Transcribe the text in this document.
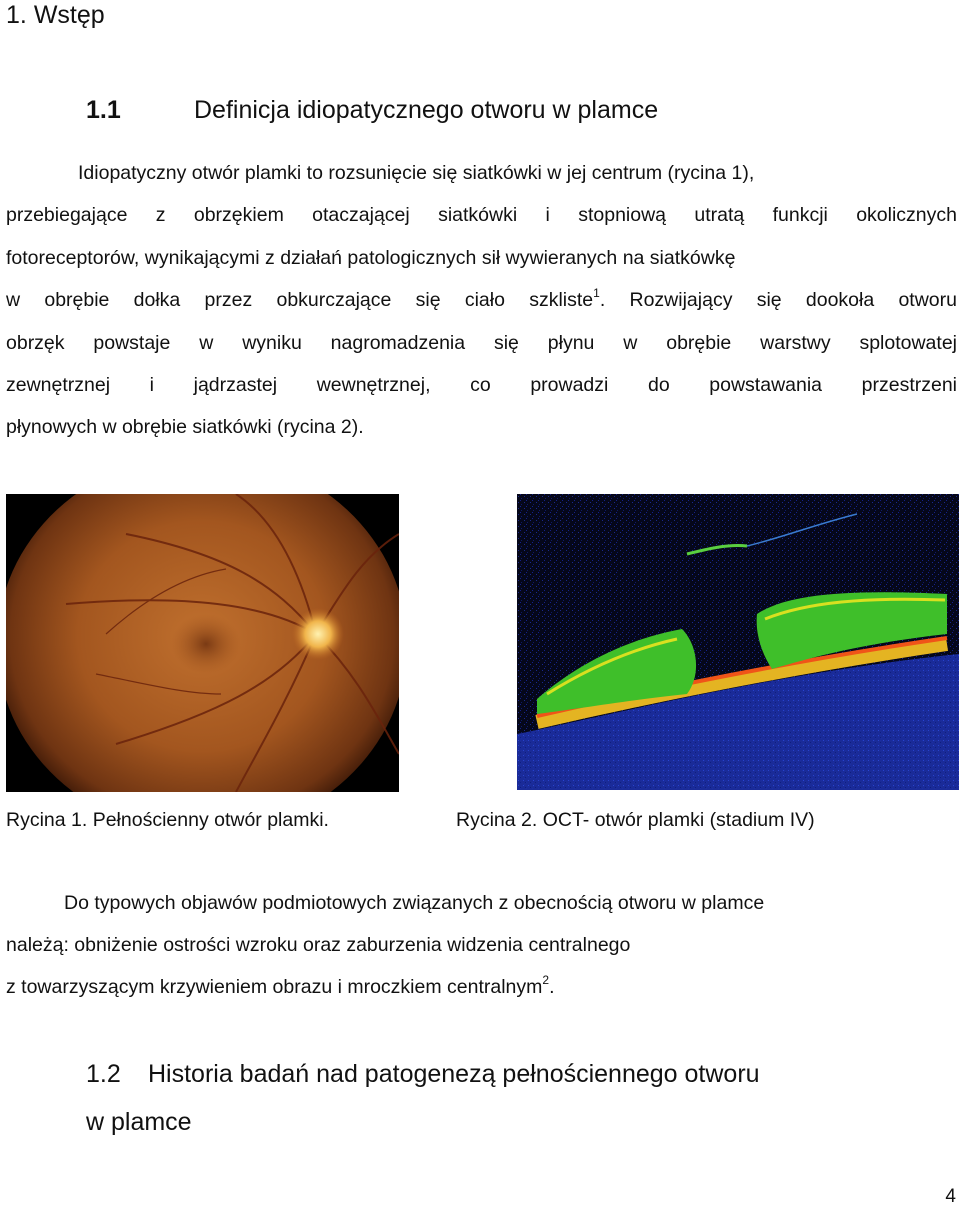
1. Wstęp
1.1	Definicja idiopatycznego otworu w plamce
Idiopatyczny otwór plamki to rozsunięcie się siatkówki w jej centrum (rycina 1),
przebiegające z obrzękiem otaczającej siatkówki i stopniową utratą funkcji okolicznych
fotoreceptorów, wynikającymi z działań patologicznych sił wywieranych na siatkówkę
w obrębie dołka przez obkurczające się ciało szkliste$^1$. Rozwijający się dookoła otworu
obrzęk powstaje w wyniku nagromadzenia się płynu w obrębie warstwy splotowatej
zewnętrznej i jądrzastej wewnętrznej, co prowadzi do powstawania przestrzeni
płynowych w obrębie siatkówki (rycina 2).
Rycina 1. Pełnościenny otwór plamki.	Rycina 2. OCT- otwór plamki (stadium IV)
Do typowych objawów podmiotowych związanych z obecnością otworu w plamce
należą: obniżenie ostrości wzroku oraz zaburzenia widzenia centralnego
z towarzyszącym krzywieniem obrazu i mroczkiem centralnym$^2$.
1.2 Historia badań nad patogenezą pełnościennego otworu
w plamce
4
